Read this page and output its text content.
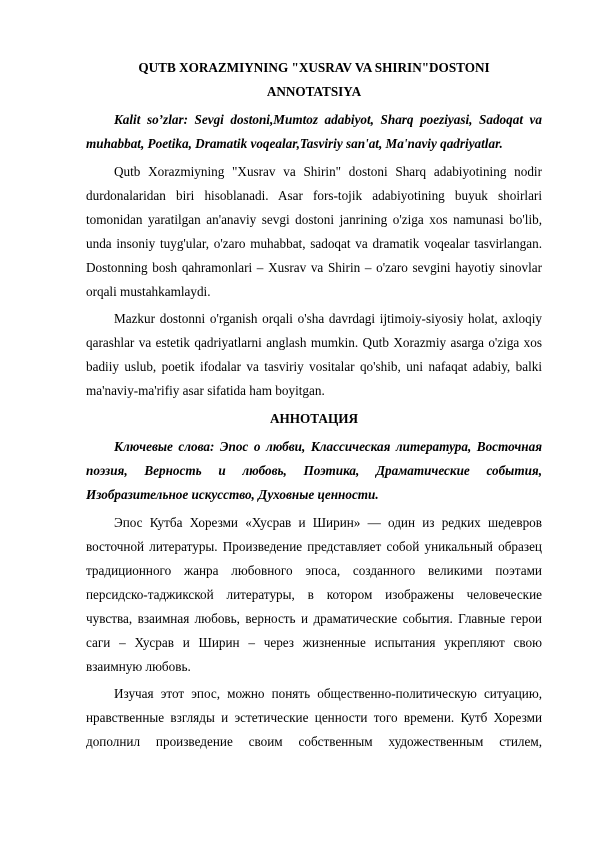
QUTB XORAZMIYNING "XUSRAV VA SHIRIN"DOSTONI

ANNOTATSIYA

Kalit so’zlar: Sevgi dostoni,Mumtoz adabiyot, Sharq poeziyasi, Sadoqat va muhabbat, Poetika, Dramatik voqealar,Tasviriy san'at, Ma'naviy qadriyatlar.

Qutb Xorazmiyning "Xusrav va Shirin" dostoni Sharq adabiyotining nodir durdonalaridan biri hisoblanadi. Asar fors-tojik adabiyotining buyuk shoirlari tomonidan yaratilgan an'anaviy sevgi dostoni janrining o'ziga xos namunasi bo'lib, unda insoniy tuyg'ular, o'zaro muhabbat, sadoqat va dramatik voqealar tasvirlangan. Dostonning bosh qahramonlari – Xusrav va Shirin – o'zaro sevgini hayotiy sinovlar orqali mustahkamlaydi.

Mazkur dostonni o'rganish orqali o'sha davrdagi ijtimoiy-siyosiy holat, axloqiy qarashlar va estetik qadriyatlarni anglash mumkin. Qutb Xorazmiy asarga o'ziga xos badiiy uslub, poetik ifodalar va tasviriy vositalar qo'shib, uni nafaqat adabiy, balki ma'naviy-ma'rifiy asar sifatida ham boyitgan.

АННОТАЦИЯ

Ключевые слова: Эпос о любви, Классическая литература, Восточная поэзия, Верность и любовь, Поэтика, Драматические события, Изобразительное искусство, Духовные ценности.

Эпос Кутба Хорезми «Хусрав и Ширин» — один из редких шедевров восточной литературы. Произведение представляет собой уникальный образец традиционного жанра любовного эпоса, созданного великими поэтами персидско-таджикской литературы, в котором изображены человеческие чувства, взаимная любовь, верность и драматические события. Главные герои саги – Хусрав и Ширин – через жизненные испытания укрепляют свою взаимную любовь.

Изучая этот эпос, можно понять общественно-политическую ситуацию, нравственные взгляды и эстетические ценности того времени. Кутб Хорезми дополнил произведение своим собственным художественным стилем,
